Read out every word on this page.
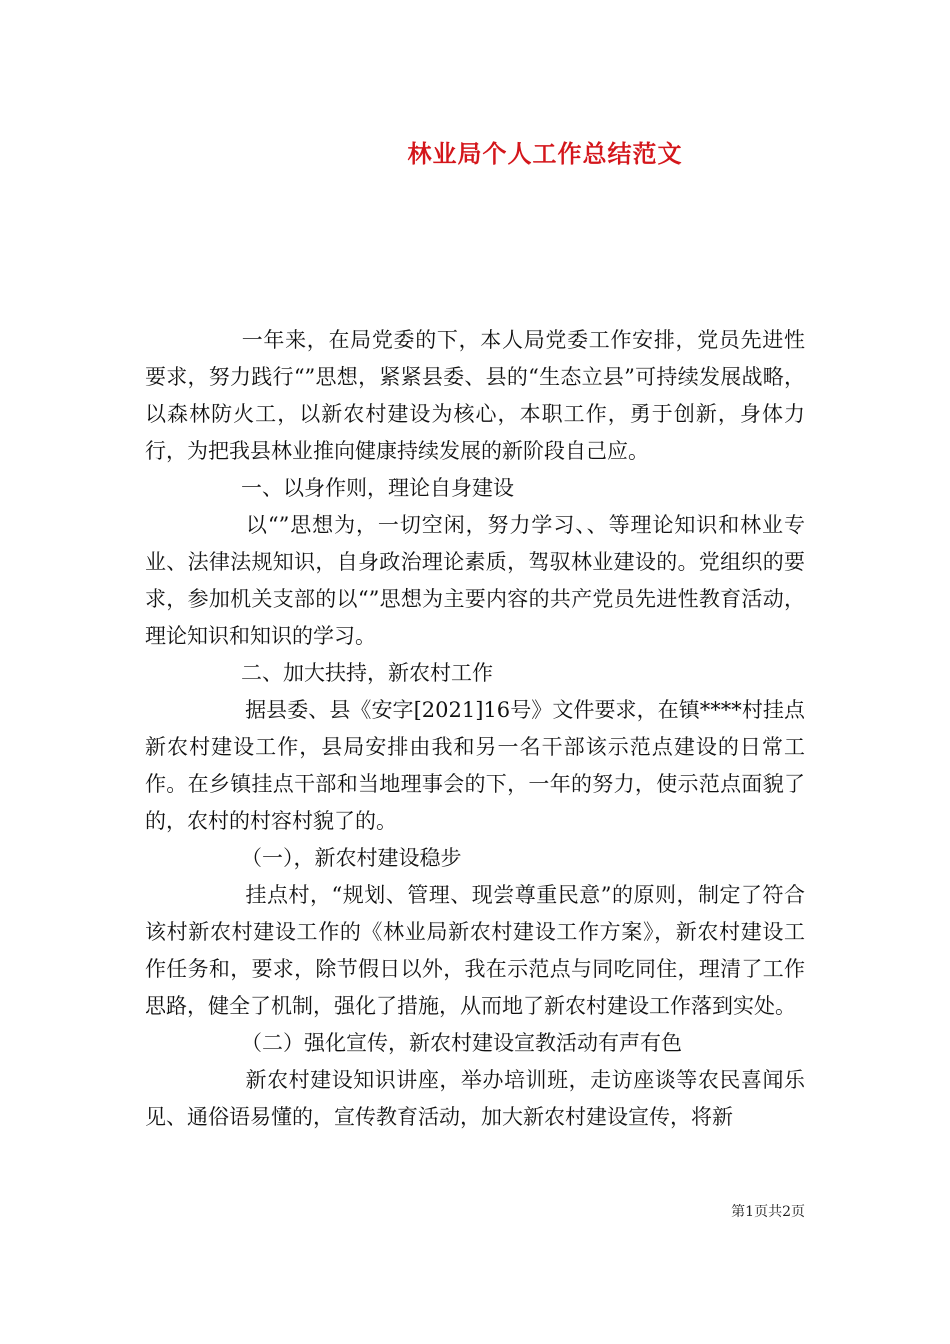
林业局个人工作总结范文

一年来，在局党委的下，本人局党委工作安排，党员先进性要求，努力践行“”思想，紧紧县委、县的“生态立县”可持续发展战略，以森林防火工，以新农村建设为核心，本职工作，勇于创新，身体力行，为把我县林业推向健康持续发展的新阶段自己应。

一、以身作则，理论自身建设

以“”思想为，一切空闲，努力学习、、等理论知识和林业专业、法律法规知识，自身政治理论素质，驾驭林业建设的。党组织的要求，参加机关支部的以“”思想为主要内容的共产党员先进性教育活动，理论知识和知识的学习。

二、加大扶持，新农村工作

据县委、县《安字[2021]16号》文件要求，在镇****村挂点新农村建设工作，县局安排由我和另一名干部该示范点建设的日常工作。在乡镇挂点干部和当地理事会的下，一年的努力，使示范点面貌了的，农村的村容村貌了的。

（一），新农村建设稳步

挂点村，“规划、管理、现尝尊重民意”的原则，制定了符合该村新农村建设工作的《林业局新农村建设工作方案》，新农村建设工作任务和，要求，除节假日以外，我在示范点与同吃同住，理清了工作思路，健全了机制，强化了措施，从而地了新农村建设工作落到实处。

（二）强化宣传，新农村建设宣教活动有声有色

新农村建设知识讲座，举办培训班，走访座谈等农民喜闻乐见、通俗语易懂的，宣传教育活动，加大新农村建设宣传，将新

第1页共2页
